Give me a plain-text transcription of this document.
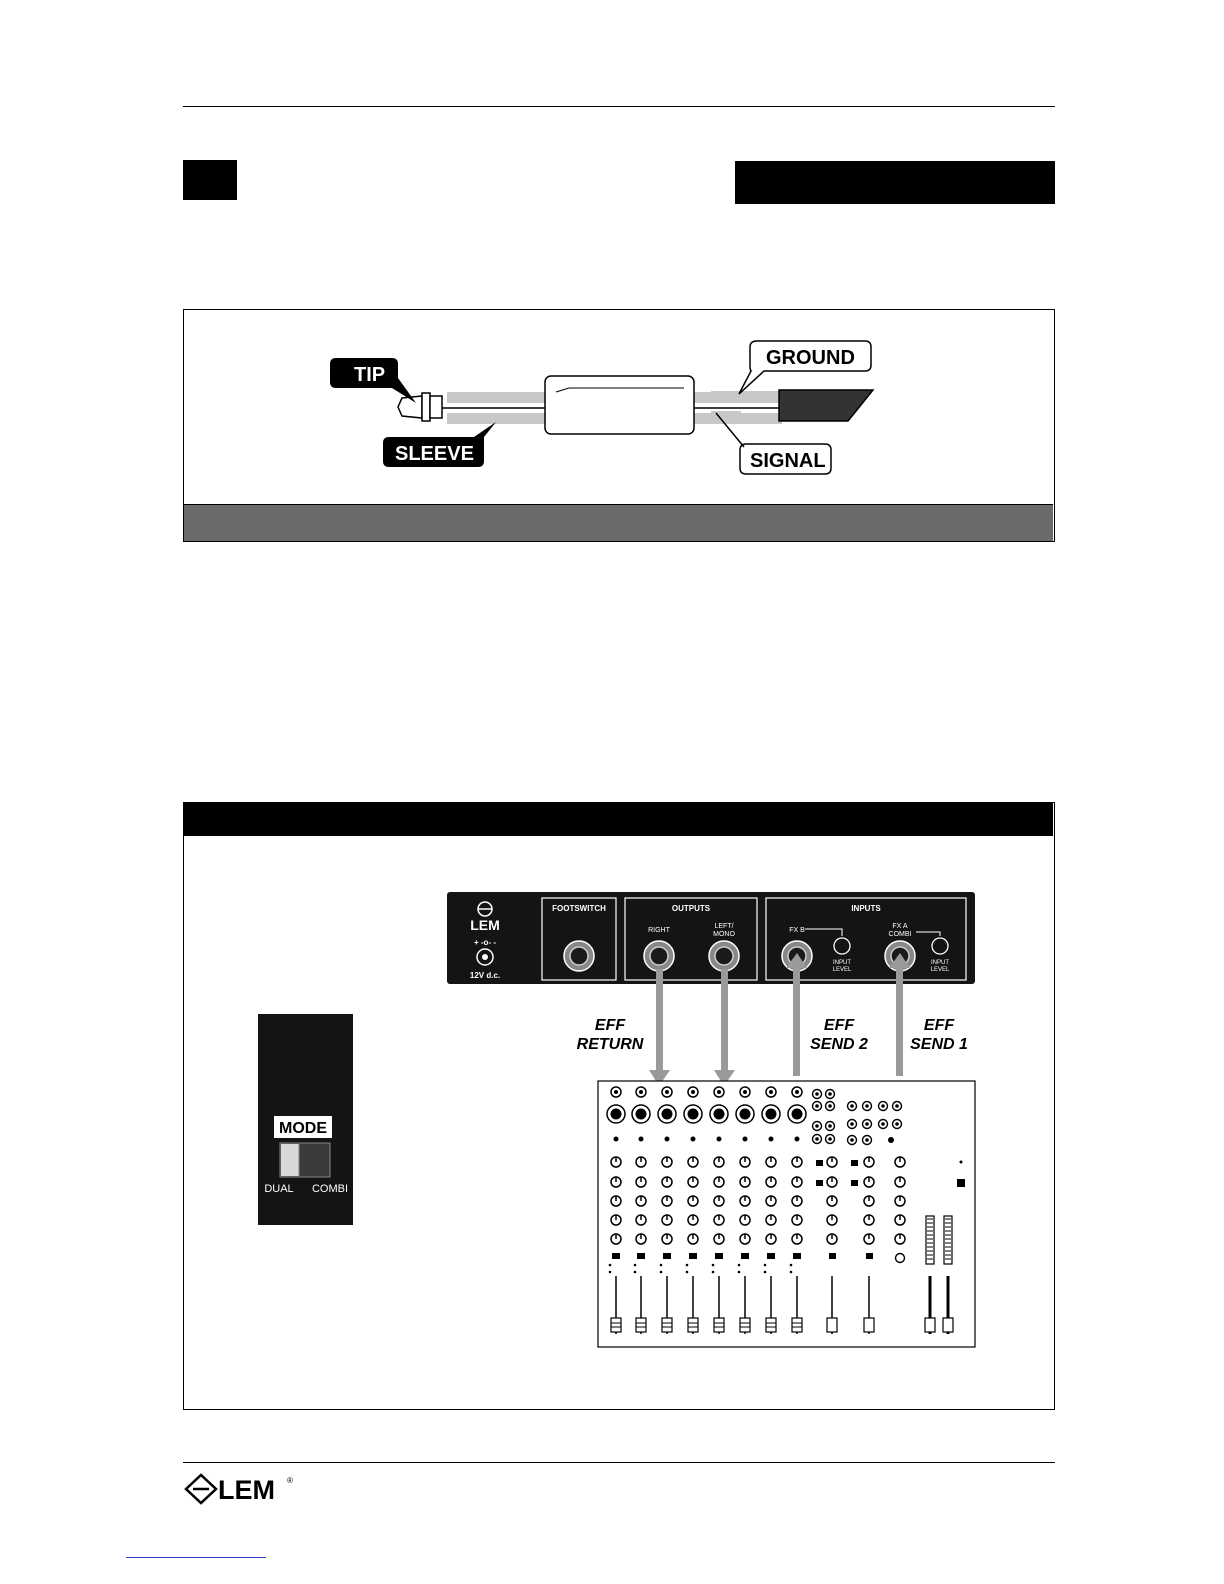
TIP
SLEEVE
GROUND
SIGNAL
LEM
+ -o- -
12V d.c.
FOOTSWITCH	OUTPUTS
RIGHT
LEFT/
MONO
INPUTS
FX B
FX A
COMBI
INPUT
LEVEL
INPUT
LEVEL
EFF
RETURN
EFF
SEND 2
EFF
SEND 1
MODE
DUAL COMBI
LEM ®
